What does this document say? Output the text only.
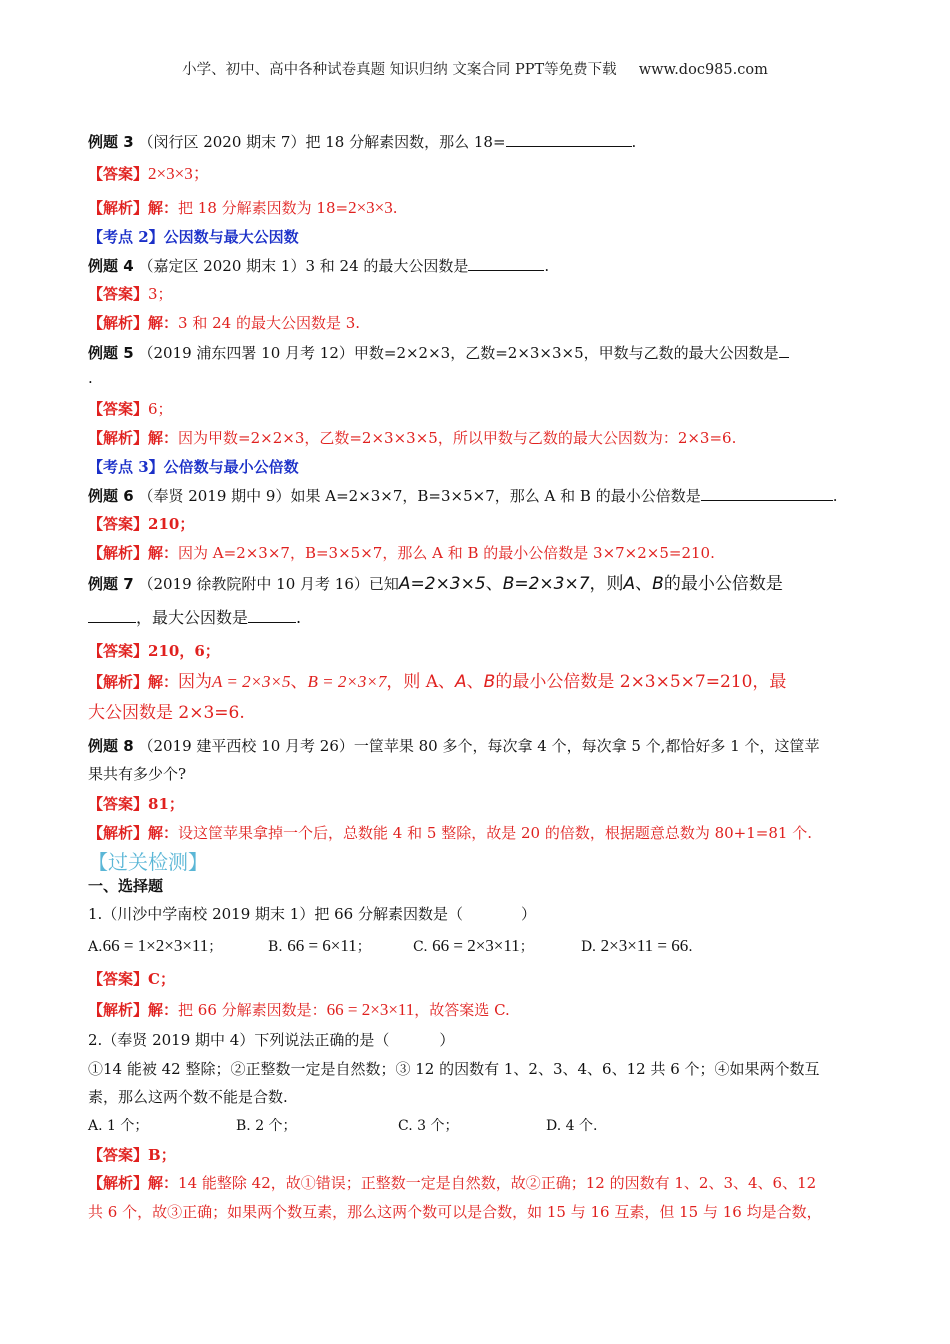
小学、初中、高中各种试卷真题 知识归纳 文案合同 PPT等免费下载 www.doc985.com
例题 3 （闵行区 2020 期末 7）把 18 分解素因数，那么 18=	.
【答案】2×3×3；
【解析】解：把 18 分解素因数为 18=2×3×3.
【考点 2】公因数与最大公因数
例题 4 （嘉定区 2020 期末 1）3 和 24 的最大公因数是	.
【答案】3；
【解析】解：3 和 24 的最大公因数是 3.
例题 5 （2019 浦东四署 10 月考 12）甲数=2×2×3，乙数=2×3×3×5，甲数与乙数的最大公因数是
.
【答案】6；
【解析】解：因为甲数=2×2×3，乙数=2×3×3×5，所以甲数与乙数的最大公因数为：2×3=6.
【考点 3】公倍数与最小公倍数
例题 6 （奉贤 2019 期中 9）如果 A=2×3×7，B=3×5×7，那么 A 和 B 的最小公倍数是	.
【答案】210；
【解析】解：因为 A=2×3×7，B=3×5×7，那么 A 和 B 的最小公倍数是 3×7×2×5=210.
例题 7 （2019 徐教院附中 10 月考 16）已知A=2×3×5、B=2×3×7，则A、B的最小公倍数是
，最大公因数是	.
【答案】210，6；
【解析】解：因为A = 2×3×5、B = 2×3×7，则 A、A、B的最小公倍数是 2×3×5×7=210，最
大公因数是 2×3=6.
例题 8 （2019 建平西校 10 月考 26）一筐苹果 80 多个，每次拿 4 个，每次拿 5 个,都恰好多 1 个，这筐苹
果共有多少个?
【答案】81；
【解析】解：设这筐苹果拿掉一个后，总数能 4 和 5 整除，故是 20 的倍数，根据题意总数为 80+1=81 个.
【过关检测】
一、选择题
1.（川沙中学南校 2019 期末 1）把 66 分解素因数是（	）
A.66 = 1×2×3×11；	B. 66 = 6×11；	C. 66 = 2×3×11；	D. 2×3×11 = 66.
【答案】C；
【解析】解：把 66 分解素因数是：66 = 2×3×11，故答案选 C.
2.（奉贤 2019 期中 4）下列说法正确的是（	）
①14 能被 42 整除；②正整数一定是自然数；③ 12 的因数有 1、2、3、4、6、12 共 6 个；④如果两个数互
素，那么这两个数不能是合数.
A. 1 个；	B. 2 个；	C. 3 个；	D. 4 个.
【答案】B；
【解析】解：14 能整除 42，故①错误；正整数一定是自然数，故②正确；12 的因数有 1、2、3、4、6、12
共 6 个，故③正确；如果两个数互素，那么这两个数可以是合数，如 15 与 16 互素，但 15 与 16 均是合数，
